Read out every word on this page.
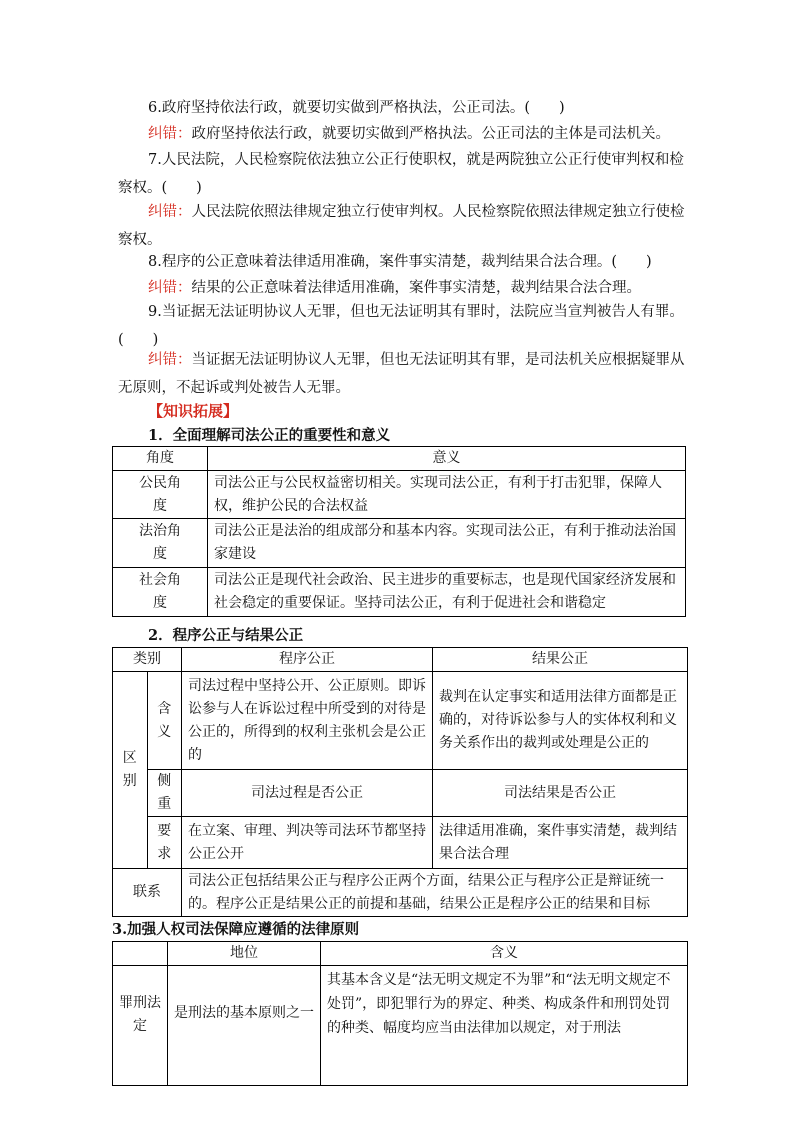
6.政府坚持依法行政，就要切实做到严格执法，公正司法。(　　)
纠错：政府坚持依法行政，就要切实做到严格执法。公正司法的主体是司法机关。
7.人民法院，人民检察院依法独立公正行使职权，就是两院独立公正行使审判权和检察权。(　　)
纠错：人民法院依照法律规定独立行使审判权。人民检察院依照法律规定独立行使检察权。
8.程序的公正意味着法律适用准确，案件事实清楚，裁判结果合法合理。(　　)
纠错：结果的公正意味着法律适用准确，案件事实清楚，裁判结果合法合理。
9.当证据无法证明协议人无罪，但也无法证明其有罪时，法院应当宣判被告人有罪。(　　)
纠错：当证据无法证明协议人无罪，但也无法证明其有罪，是司法机关应根据疑罪从无原则，不起诉或判处被告人无罪。
【知识拓展】
1．全面理解司法公正的重要性和意义
角度	意义
公民角度	司法公正与公民权益密切相关。实现司法公正，有利于打击犯罪，保障人权，维护公民的合法权益
法治角度	司法公正是法治的组成部分和基本内容。实现司法公正，有利于推动法治国家建设
社会角度	司法公正是现代社会政治、民主进步的重要标志，也是现代国家经济发展和社会稳定的重要保证。坚持司法公正，有利于促进社会和谐稳定
2．程序公正与结果公正
类别		程序公正	结果公正
区别	含义	司法过程中坚持公开、公正原则。即诉讼参与人在诉讼过程中所受到的对待是公正的，所得到的权利主张机会是公正的	裁判在认定事实和适用法律方面都是正确的，对待诉讼参与人的实体权利和义务关系作出的裁判或处理是公正的
	侧重	司法过程是否公正	司法结果是否公正
	要求	在立案、审理、判决等司法环节都坚持公正公开	法律适用准确，案件事实清楚，裁判结果合法合理
联系		司法公正包括结果公正与程序公正两个方面，结果公正与程序公正是辩证统一的。程序公正是结果公正的前提和基础，结果公正是程序公正的结果和目标	
3.加强人权司法保障应遵循的法律原则
	地位	含义
罪刑法定	是刑法的基本原则之一	其基本含义是“法无明文规定不为罪”和“法无明文规定不处罚”，即犯罪行为的界定、种类、构成条件和刑罚处罚的种类、幅度均应当由法律加以规定，对于刑法
